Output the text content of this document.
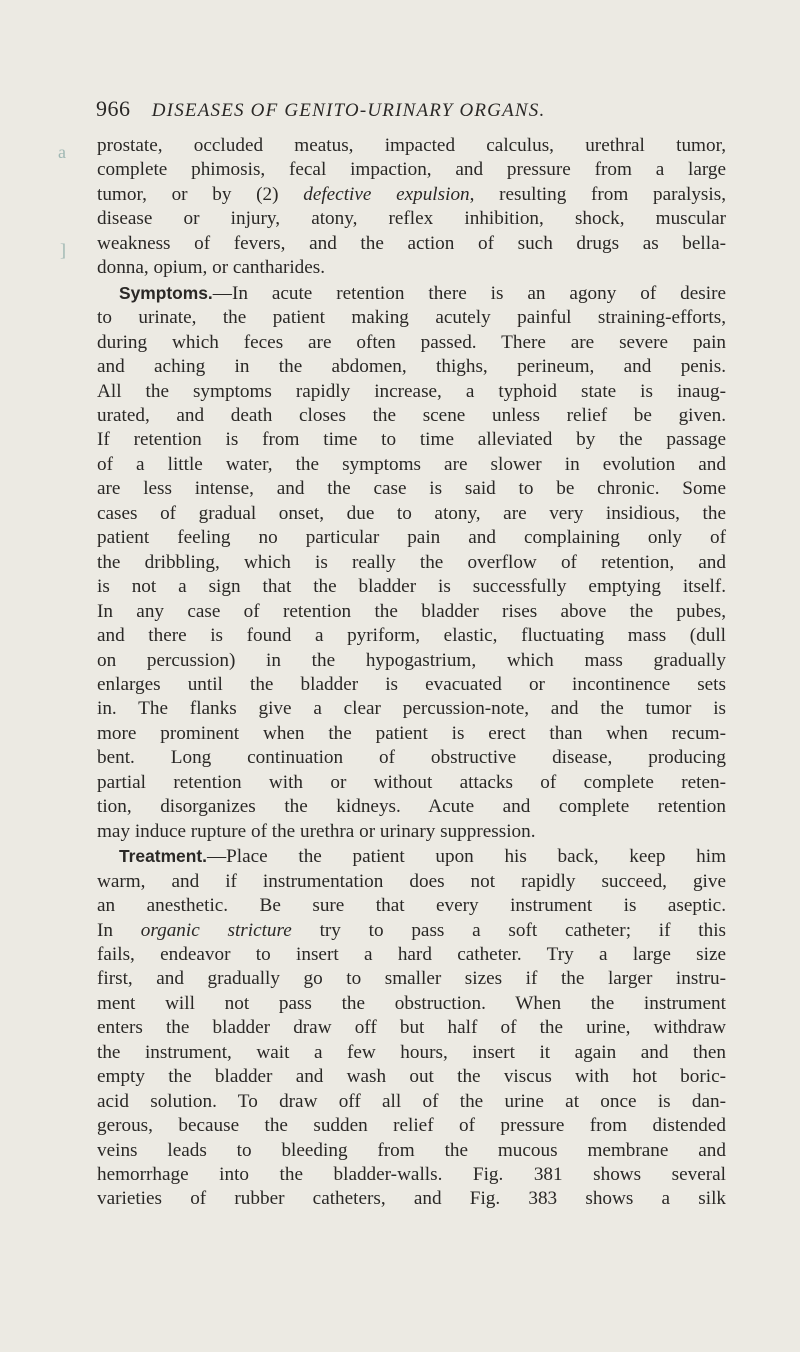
966 DISEASES OF GENITO-URINARY ORGANS.
a
]
prostate, occluded meatus, impacted calculus, urethral tumor,
complete phimosis, fecal impaction, and pressure from a large
tumor, or by (2) defective expulsion, resulting from paralysis,
disease or injury, atony, reflex inhibition, shock, muscular
weakness of fevers, and the action of such drugs as bella-
donna, opium, or cantharides.
Symptoms.—In acute retention there is an agony of desire
to urinate, the patient making acutely painful straining-efforts,
during which feces are often passed. There are severe pain
and aching in the abdomen, thighs, perineum, and penis.
All the symptoms rapidly increase, a typhoid state is inaug-
urated, and death closes the scene unless relief be given.
If retention is from time to time alleviated by the passage
of a little water, the symptoms are slower in evolution and
are less intense, and the case is said to be chronic. Some
cases of gradual onset, due to atony, are very insidious, the
patient feeling no particular pain and complaining only of
the dribbling, which is really the overflow of retention, and
is not a sign that the bladder is successfully emptying itself.
In any case of retention the bladder rises above the pubes,
and there is found a pyriform, elastic, fluctuating mass (dull
on percussion) in the hypogastrium, which mass gradually
enlarges until the bladder is evacuated or incontinence sets
in. The flanks give a clear percussion-note, and the tumor is
more prominent when the patient is erect than when recum-
bent. Long continuation of obstructive disease, producing
partial retention with or without attacks of complete reten-
tion, disorganizes the kidneys. Acute and complete retention
may induce rupture of the urethra or urinary suppression.
Treatment.—Place the patient upon his back, keep him
warm, and if instrumentation does not rapidly succeed, give
an anesthetic. Be sure that every instrument is aseptic.
In organic stricture try to pass a soft catheter; if this
fails, endeavor to insert a hard catheter. Try a large size
first, and gradually go to smaller sizes if the larger instru-
ment will not pass the obstruction. When the instrument
enters the bladder draw off but half of the urine, withdraw
the instrument, wait a few hours, insert it again and then
empty the bladder and wash out the viscus with hot boric-
acid solution. To draw off all of the urine at once is dan-
gerous, because the sudden relief of pressure from distended
veins leads to bleeding from the mucous membrane and
hemorrhage into the bladder-walls. Fig. 381 shows several
varieties of rubber catheters, and Fig. 383 shows a silk
